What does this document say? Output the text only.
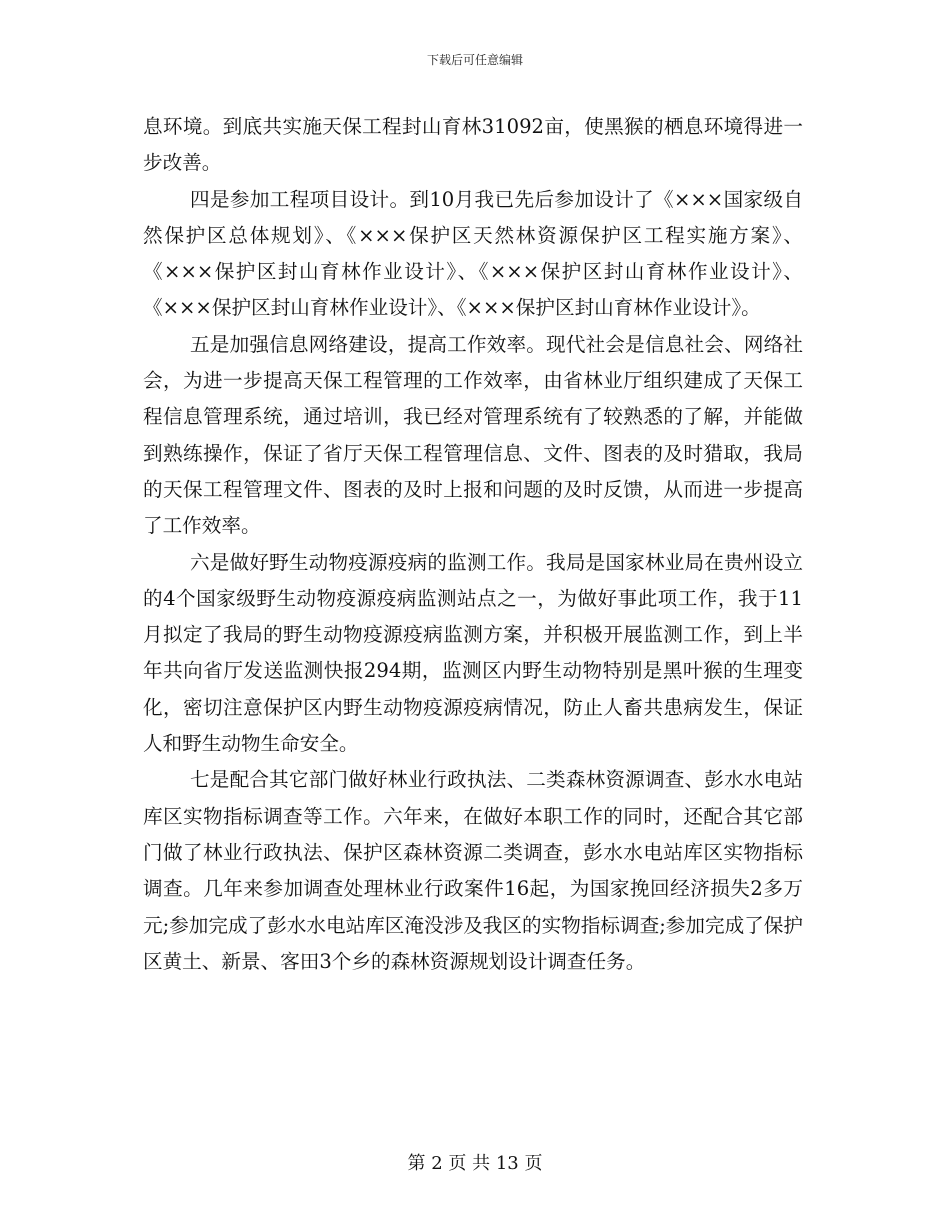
下载后可任意编辑

息环境。到底共实施天保工程封山育林31092亩，使黑猴的栖息环境得进一步改善。

四是参加工程项目设计。到10月我已先后参加设计了《×××国家级自然保护区总体规划》、《×××保护区天然林资源保护区工程实施方案》、《×××保护区封山育林作业设计》、《×××保护区封山育林作业设计》、《×××保护区封山育林作业设计》、《×××保护区封山育林作业设计》。

五是加强信息网络建设，提高工作效率。现代社会是信息社会、网络社会，为进一步提高天保工程管理的工作效率，由省林业厅组织建成了天保工程信息管理系统，通过培训，我已经对管理系统有了较熟悉的了解，并能做到熟练操作，保证了省厅天保工程管理信息、文件、图表的及时猎取，我局的天保工程管理文件、图表的及时上报和问题的及时反馈，从而进一步提高了工作效率。

六是做好野生动物疫源疫病的监测工作。我局是国家林业局在贵州设立的4个国家级野生动物疫源疫病监测站点之一，为做好事此项工作，我于11月拟定了我局的野生动物疫源疫病监测方案，并积极开展监测工作，到上半年共向省厅发送监测快报294期，监测区内野生动物特别是黑叶猴的生理变化，密切注意保护区内野生动物疫源疫病情况，防止人畜共患病发生，保证人和野生动物生命安全。

七是配合其它部门做好林业行政执法、二类森林资源调查、彭水水电站库区实物指标调查等工作。六年来，在做好本职工作的同时，还配合其它部门做了林业行政执法、保护区森林资源二类调查，彭水水电站库区实物指标调查。几年来参加调查处理林业行政案件16起，为国家挽回经济损失2多万元;参加完成了彭水水电站库区淹没涉及我区的实物指标调查;参加完成了保护区黄土、新景、客田3个乡的森林资源规划设计调查任务。

第 2 页 共 13 页
